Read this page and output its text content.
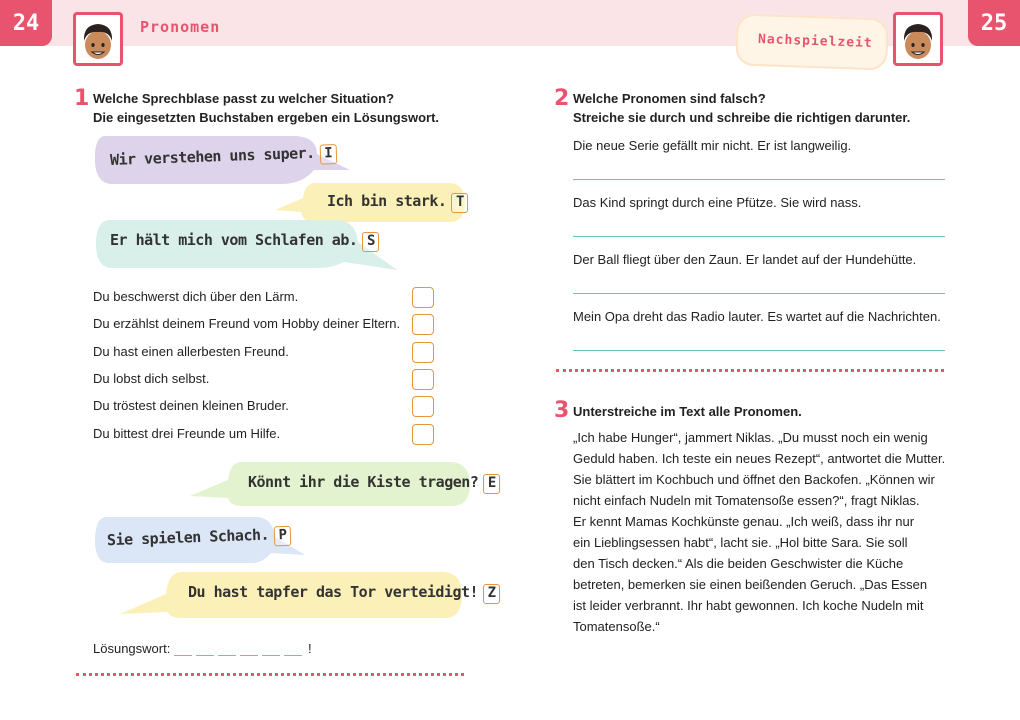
24	25
Pronomen
Nachspielzeit
1 Welche Sprechblase passt zu welcher Situation?
Die eingesetzten Buchstaben ergeben ein Lösungswort.
Wir verstehen uns super. I
Ich bin stark. T
Er hält mich vom Schlafen ab. S
Du beschwerst dich über den Lärm.
Du erzählst deinem Freund vom Hobby deiner Eltern.
Du hast einen allerbesten Freund.
Du lobst dich selbst.
Du tröstest deinen kleinen Bruder.
Du bittest drei Freunde um Hilfe.
Könnt ihr die Kiste tragen? E
Sie spielen Schach. P
Du hast tapfer das Tor verteidigt! Z
Lösungswort:	!
2 Welche Pronomen sind falsch?
Streiche sie durch und schreibe die richtigen darunter.
Die neue Serie gefällt mir nicht. Er ist langweilig.
Das Kind springt durch eine Pfütze. Sie wird nass.
Der Ball fliegt über den Zaun. Er landet auf der Hundehütte.
Mein Opa dreht das Radio lauter. Es wartet auf die Nachrichten.
3 Unterstreiche im Text alle Pronomen.
„Ich habe Hunger“, jammert Niklas. „Du musst noch ein wenig
Geduld haben. Ich teste ein neues Rezept“, antwortet die Mutter.
Sie blättert im Kochbuch und öffnet den Backofen. „Können wir
nicht einfach Nudeln mit Tomatensoße essen?“, fragt Niklas.
Er kennt Mamas Kochkünste genau. „Ich weiß, dass ihr nur
ein Lieblingsessen habt“, lacht sie. „Hol bitte Sara. Sie soll
den Tisch decken.“ Als die beiden Geschwister die Küche
betreten, bemerken sie einen beißenden Geruch. „Das Essen
ist leider verbrannt. Ihr habt gewonnen. Ich koche Nudeln mit
Tomatensoße.“
